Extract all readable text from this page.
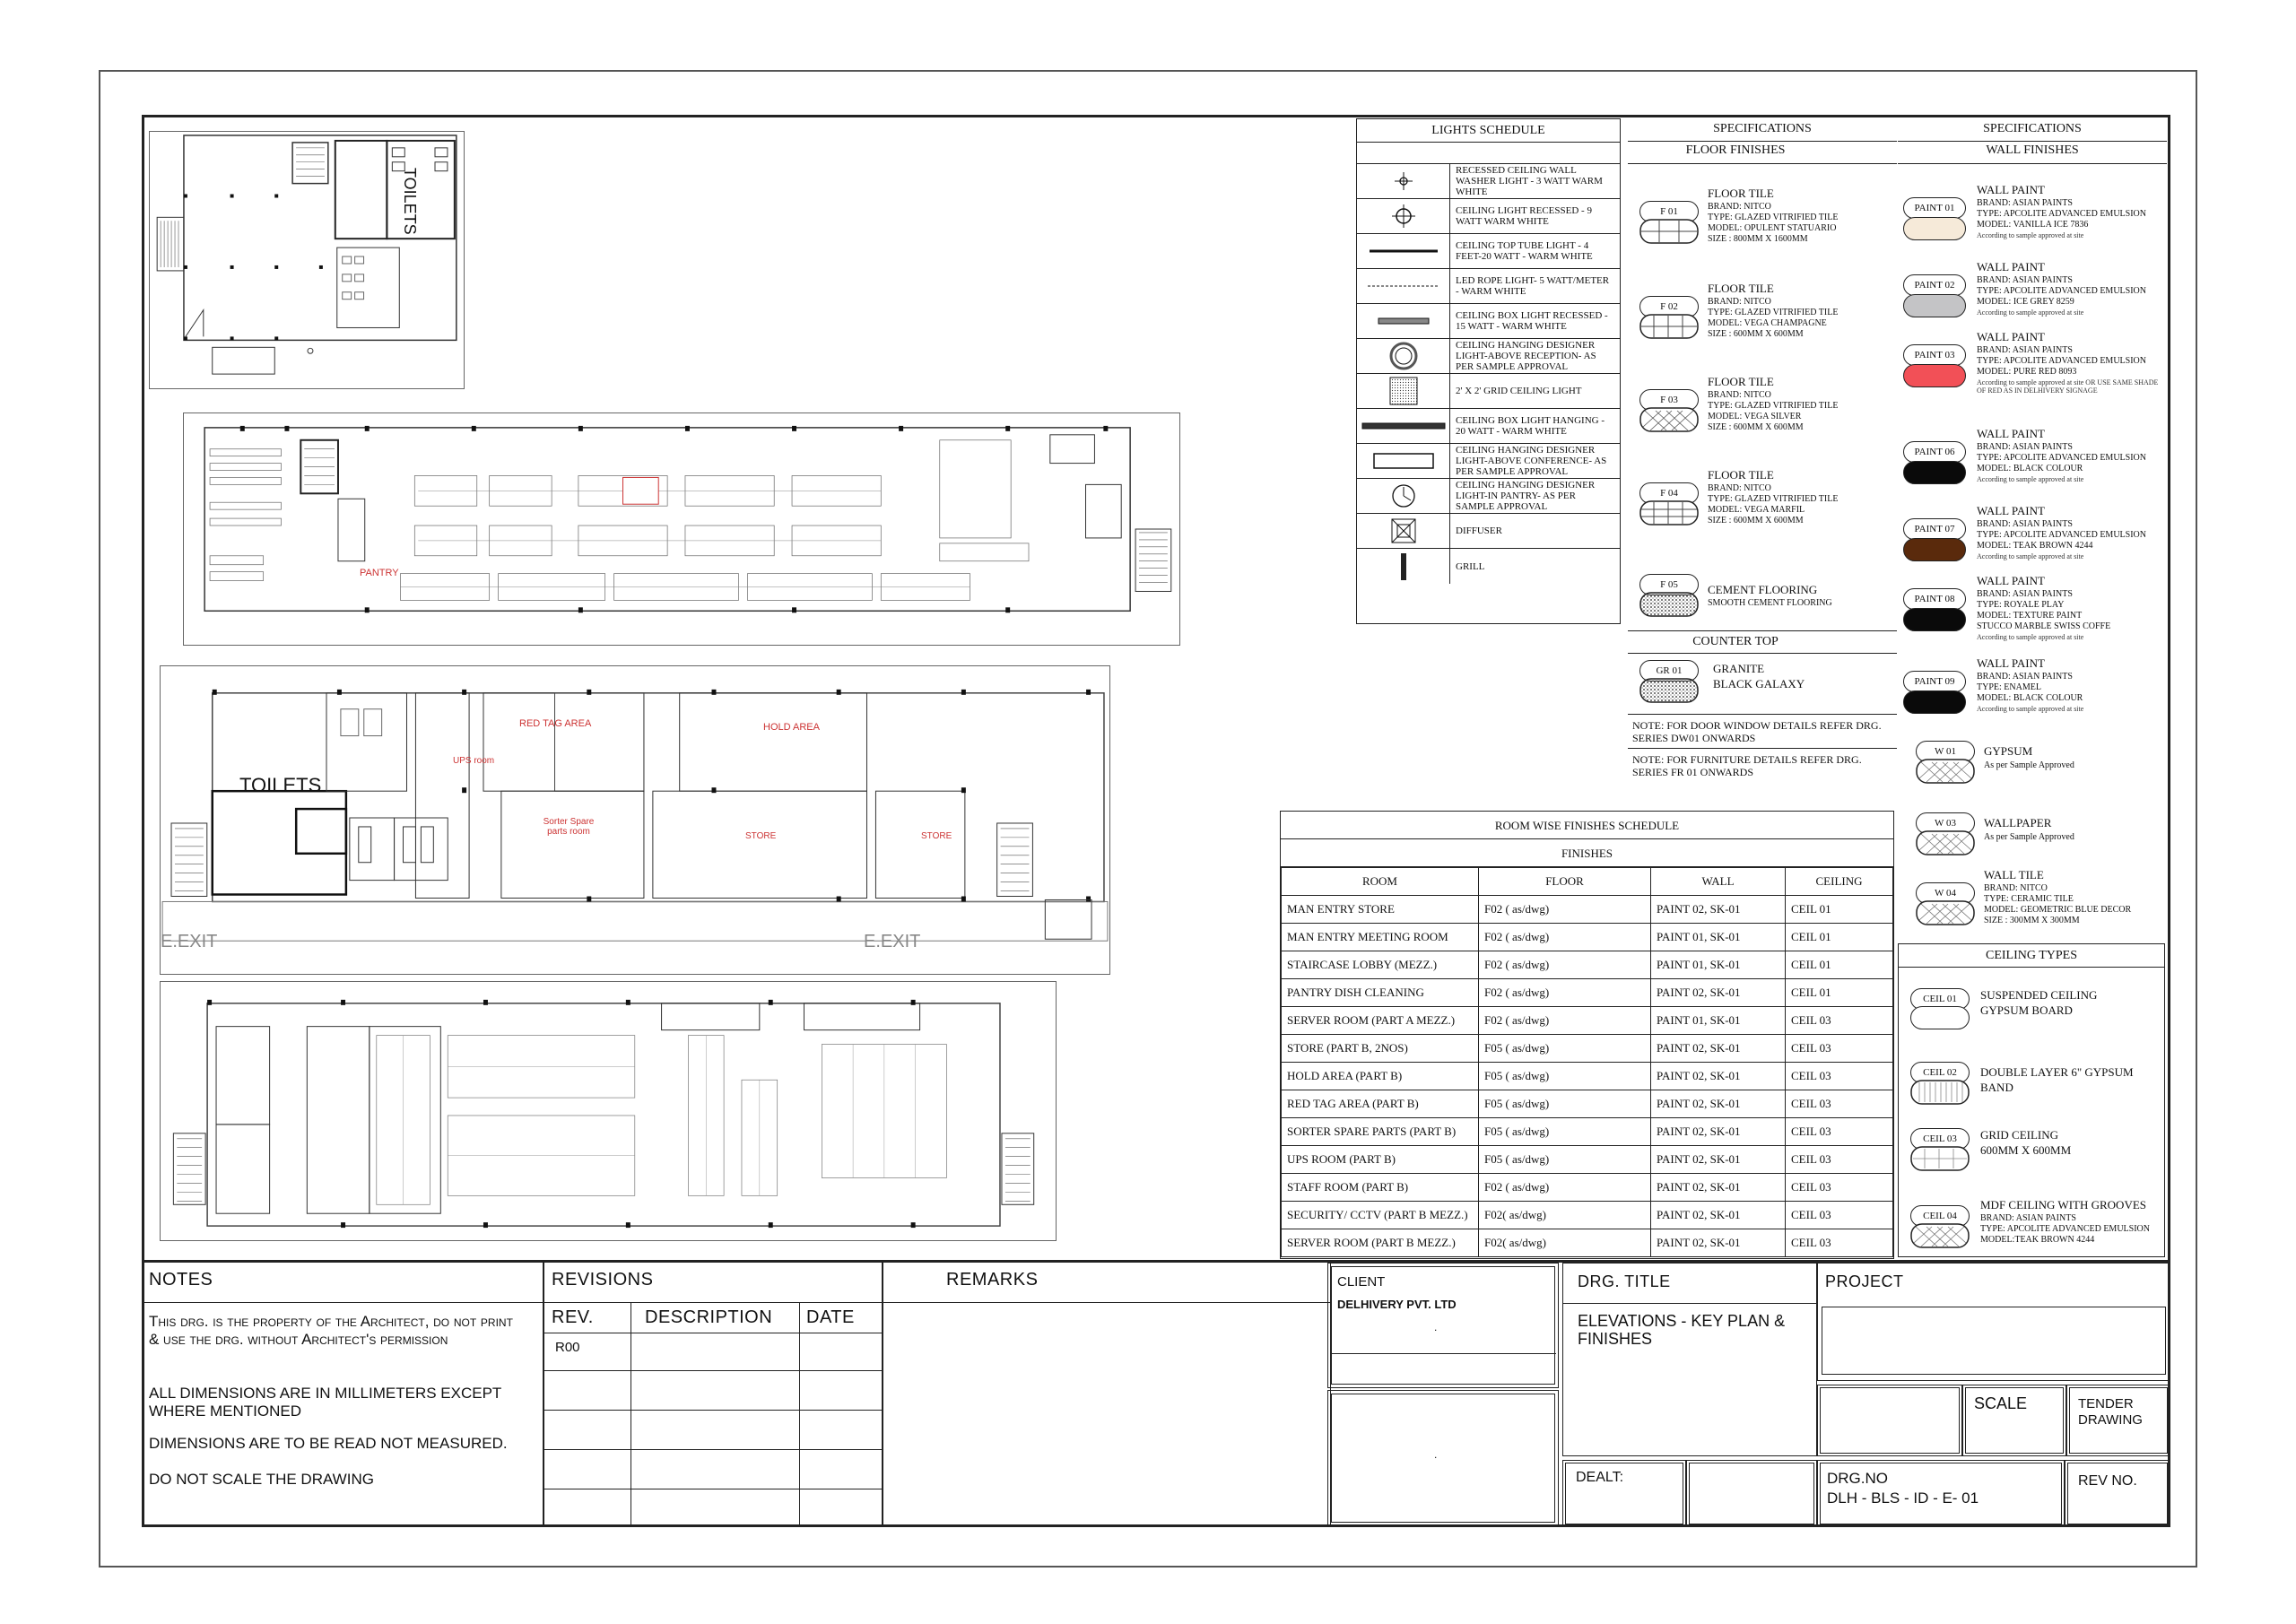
TOILETS
PANTRY
TOILETS
RED TAG AREA	HOLD AREA
UPS room
Sorter Spare parts room	STORE	STORE
E.EXIT	E.EXIT
LIGHTS SCHEDULE
RECESSED CEILING WALL WASHER LIGHT - 3 WATT WARM WHITE
CEILING LIGHT RECESSED - 9 WATT WARM WHITE
CEILING TOP TUBE LIGHT - 4 FEET-20 WATT - WARM WHITE
LED ROPE LIGHT- 5 WATT/METER - WARM WHITE
CEILING BOX LIGHT RECESSED - 15 WATT - WARM WHITE
CEILING HANGING DESIGNER LIGHT-ABOVE RECEPTION- AS PER SAMPLE APPROVAL
2' X 2' GRID CEILING LIGHT
CEILING BOX LIGHT HANGING - 20 WATT - WARM WHITE
CEILING HANGING DESIGNER LIGHT-ABOVE CONFERENCE- AS PER SAMPLE APPROVAL
CEILING HANGING DESIGNER LIGHT-IN PANTRY- AS PER SAMPLE APPROVAL
DIFFUSER
GRILL
SPECIFICATIONS
FLOOR FINISHES
F 01
FLOOR TILE
BRAND: NITCO
TYPE: GLAZED VITRIFIED TILE
MODEL: OPULENT STATUARIO
SIZE : 800MM X 1600MM
F 02
FLOOR TILE
BRAND: NITCO
TYPE: GLAZED VITRIFIED TILE
MODEL: VEGA CHAMPAGNE
SIZE : 600MM X 600MM
F 03
FLOOR TILE
BRAND: NITCO
TYPE: GLAZED VITRIFIED TILE
MODEL: VEGA SILVER
SIZE : 600MM X 600MM
F 04
FLOOR TILE
BRAND: NITCO
TYPE: GLAZED VITRIFIED TILE
MODEL: VEGA MARFIL
SIZE : 600MM X 600MM
F 05	CEMENT FLOORING
SMOOTH CEMENT FLOORING
COUNTER TOP
GR 01	GRANITE
BLACK GALAXY
NOTE: FOR DOOR WINDOW DETAILS REFER DRG. SERIES DW01 ONWARDS
NOTE: FOR FURNITURE DETAILS REFER DRG. SERIES FR 01 ONWARDS
SPECIFICATIONS
WALL FINISHES
PAINT 01
WALL PAINT
BRAND: ASIAN PAINTS
TYPE: APCOLITE ADVANCED EMULSION
MODEL: VANILLA ICE 7836
According to sample approved at site
PAINT 02
WALL PAINT
BRAND: ASIAN PAINTS
TYPE: APCOLITE ADVANCED EMULSION
MODEL: ICE GREY 8259
According to sample approved at site
PAINT 03
WALL PAINT
BRAND: ASIAN PAINTS
TYPE: APCOLITE ADVANCED EMULSION
MODEL: PURE RED 8093
According to sample approved at site OR USE SAME SHADE OF RED AS IN DELHIVERY SIGNAGE
PAINT 06
WALL PAINT
BRAND: ASIAN PAINTS
TYPE: APCOLITE ADVANCED EMULSION
MODEL: BLACK COLOUR
According to sample approved at site
PAINT 07
WALL PAINT
BRAND: ASIAN PAINTS
TYPE: APCOLITE ADVANCED EMULSION
MODEL: TEAK BROWN 4244
According to sample approved at site
PAINT 08
WALL PAINT
BRAND: ASIAN PAINTS
TYPE: ROYALE PLAY
MODEL: TEXTURE PAINT
STUCCO MARBLE SWISS COFFE
According to sample approved at site
PAINT 09
WALL PAINT
BRAND: ASIAN PAINTS
TYPE: ENAMEL
MODEL: BLACK COLOUR
According to sample approved at site
W 01	GYPSUM
As per Sample Approved
W 03	WALLPAPER
As per Sample Approved
W 04
WALL TILE
BRAND: NITCO
TYPE: CERAMIC TILE
MODEL: GEOMETRIC BLUE DECOR
SIZE : 300MM X 300MM
CEILING TYPES
CEIL 01	SUSPENDED CEILING
GYPSUM BOARD
CEIL 02	DOUBLE LAYER 6" GYPSUM
BAND
CEIL 03	GRID CEILING
600MM X 600MM
CEIL 04
MDF CEILING WITH GROOVES
BRAND: ASIAN PAINTS
TYPE: APCOLITE ADVANCED EMULSION
MODEL:TEAK BROWN 4244
ROOM WISE FINISHES SCHEDULE
FINISHES
ROOM	FLOOR	WALL	CEILING
MAN ENTRY STORE	F02 ( as/dwg)	PAINT 02, SK-01	CEIL 01
MAN ENTRY MEETING ROOM	F02 ( as/dwg)	PAINT 01, SK-01	CEIL 01
STAIRCASE LOBBY (MEZZ.)	F02 ( as/dwg)	PAINT 01, SK-01	CEIL 01
PANTRY DISH CLEANING	F02 ( as/dwg)	PAINT 02, SK-01	CEIL 01
SERVER ROOM (PART A MEZZ.)	F02 ( as/dwg)	PAINT 01, SK-01	CEIL 03
STORE (PART B, 2NOS)	F05 ( as/dwg)	PAINT 02, SK-01	CEIL 03
HOLD AREA (PART B)	F05 ( as/dwg)	PAINT 02, SK-01	CEIL 03
RED TAG AREA (PART B)	F05 ( as/dwg)	PAINT 02, SK-01	CEIL 03
SORTER SPARE PARTS (PART B)	F05 ( as/dwg)	PAINT 02, SK-01	CEIL 03
UPS ROOM (PART B)	F05 ( as/dwg)	PAINT 02, SK-01	CEIL 03
STAFF ROOM (PART B)	F02 ( as/dwg)	PAINT 02, SK-01	CEIL 03
SECURITY/ CCTV (PART B MEZZ.)	F02( as/dwg)	PAINT 02, SK-01	CEIL 03
SERVER ROOM (PART B MEZZ.)	F02( as/dwg)	PAINT 02, SK-01	CEIL 03
NOTES
This drg. is the property of the Architect, do not print & use the drg. without Architect's permission
ALL DIMENSIONS ARE IN MILLIMETERS EXCEPT WHERE MENTIONED
DIMENSIONS ARE TO BE READ NOT MEASURED.
DO NOT SCALE THE DRAWING
REVISIONS
REV.	DESCRIPTION DATE
R00
REMARKS	CLIENT
DELHIVERY PVT. LTD
.
.
DRG. TITLE
ELEVATIONS - KEY PLAN & FINISHES
DEALT:
PROJECT
SCALE	TENDER DRAWING
DRG.NO
DLH - BLS - ID - E- 01
REV NO.
